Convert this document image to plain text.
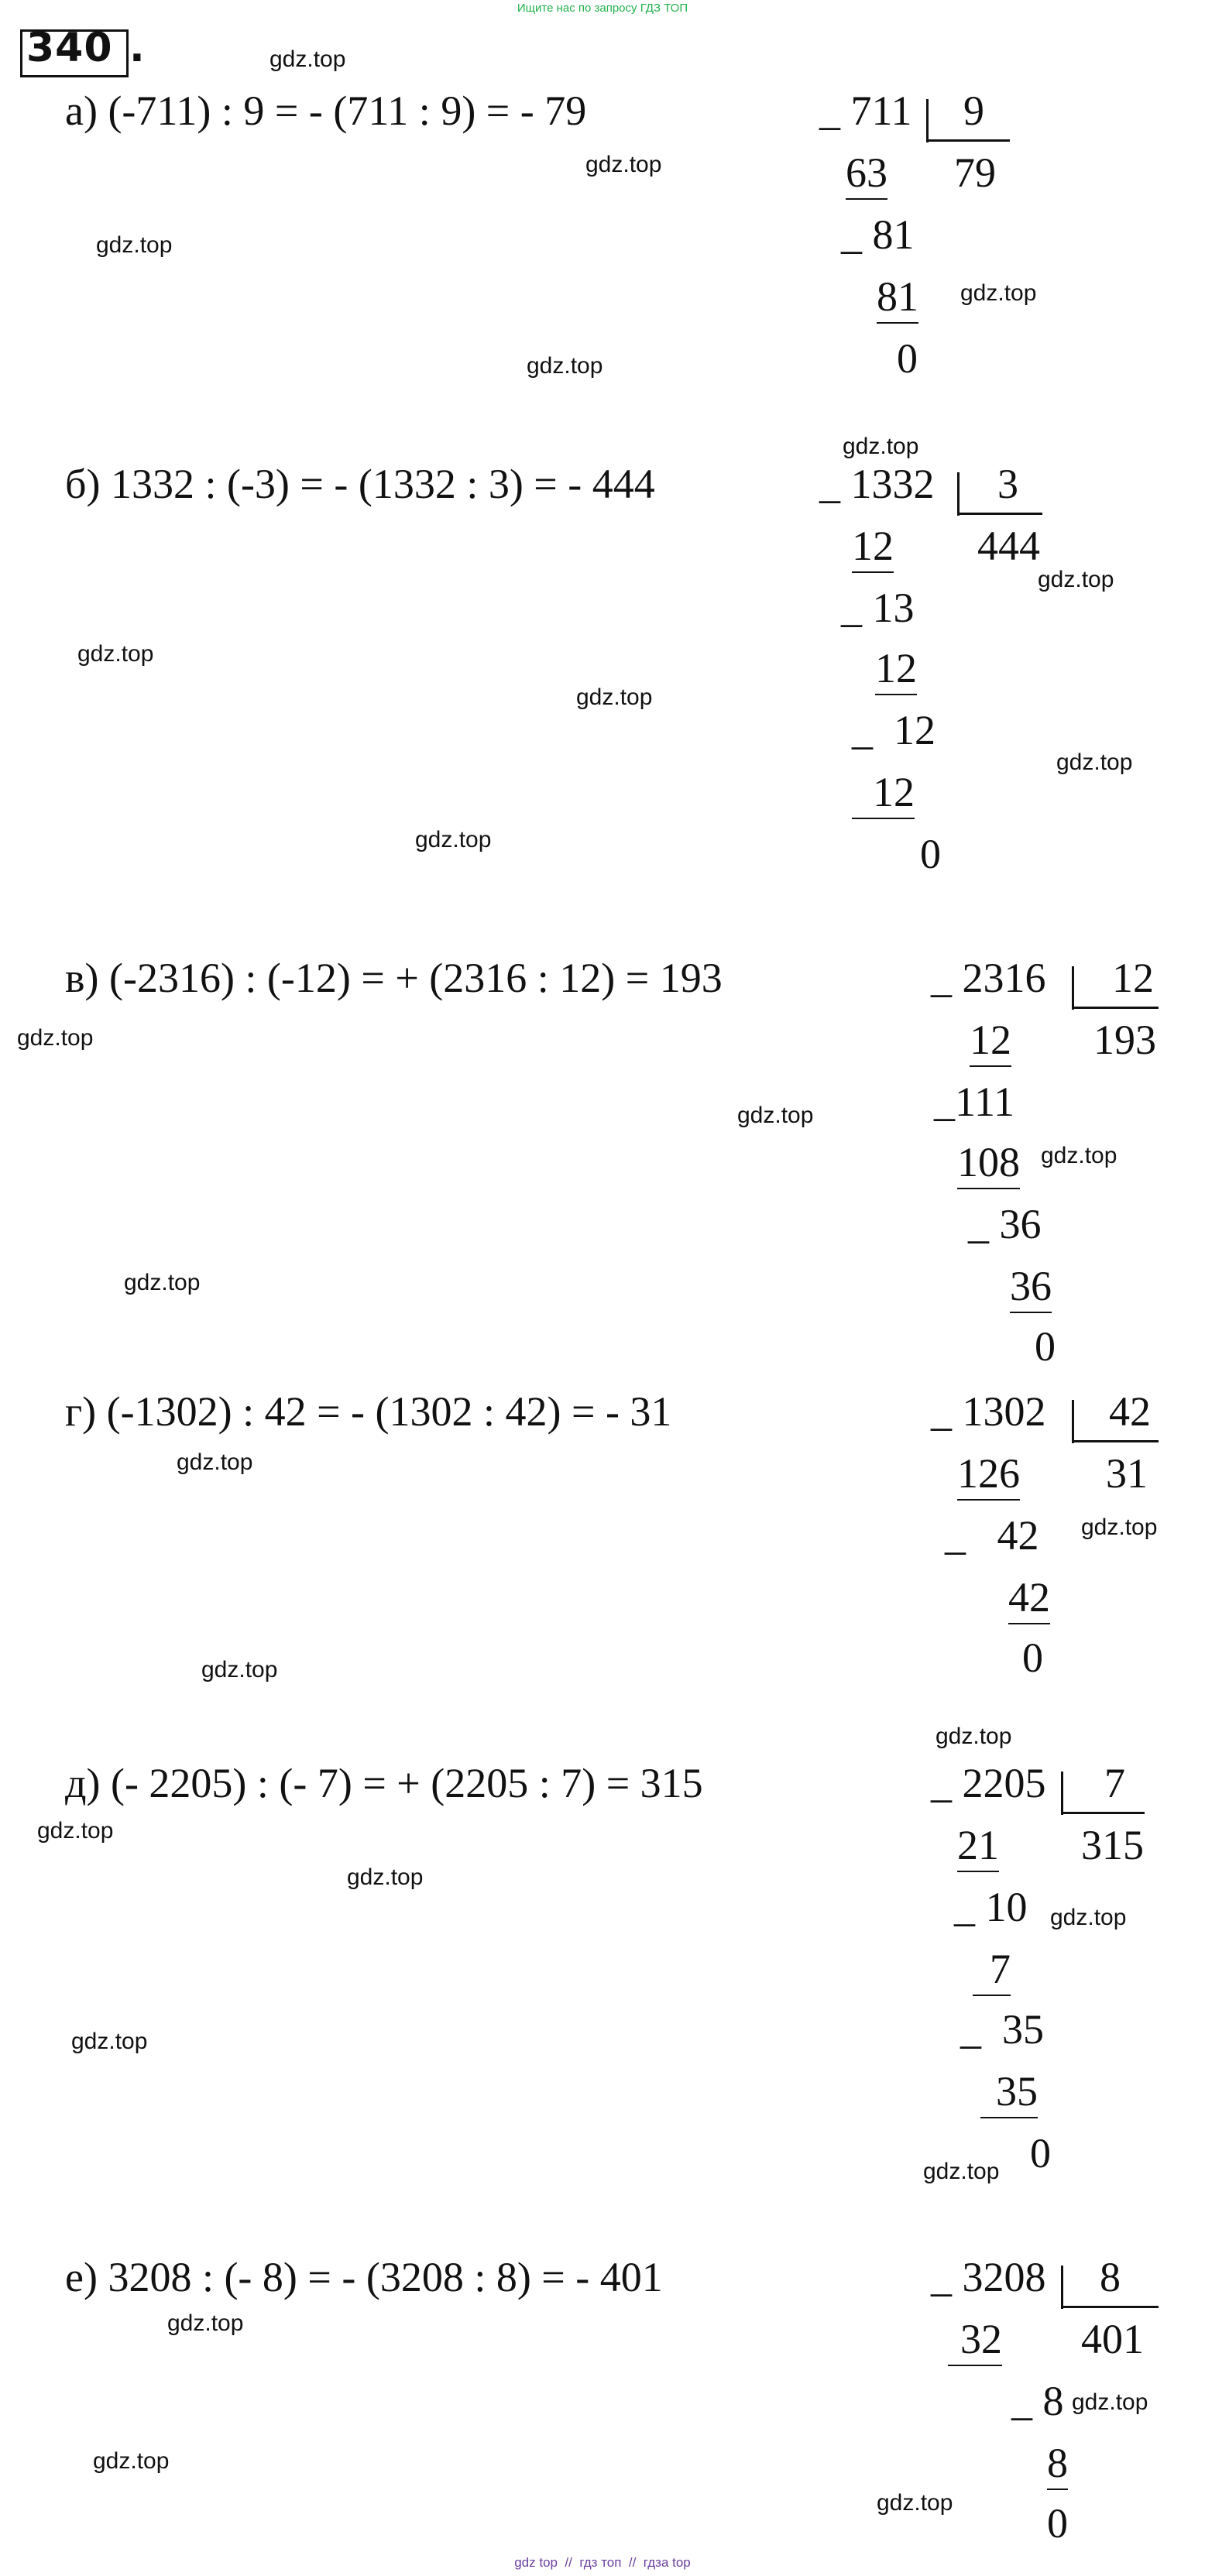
Ищите нас по запросу ГДЗ ТОП
340 .
а) (-711) : 9 = - (711 : 9) = - 79	_ 711 9
63 79
_ 81
81
0
б) 1332 : (-3) = - (1332 : 3) = - 444	_ 1332 3
12 444
_ 13
12
_  12
12
0
в) (-2316) : (-12) = + (2316 : 12) = 193	_ 2316 12
12 193
_111
108
_ 36
36
0
г) (-1302) : 42 = - (1302 : 42) = - 31	_ 1302 42
126 31
_   42
42
0
д) (- 2205) : (- 7) = + (2205 : 7) = 315	_ 2205 7
21 315
_ 10
7
_  35
35
0
е) 3208 : (- 8) = - (3208 : 8) = - 401	_ 3208 8
32 401
_ 8
8
0
gdz.top
gdz.top
gdz.top
gdz.top
gdz.top
gdz.top
gdz.top
gdz.top
gdz.top
gdz.top
gdz.top
gdz.top
gdz.top
gdz.top
gdz.top
gdz.top
gdz.top
gdz.top
gdz.top
gdz.top
gdz.top
gdz.top
gdz.top
gdz.top
gdz.top
gdz.top
gdz.top
gdz.top
gdz top  //  гдз топ  //  гдза top
